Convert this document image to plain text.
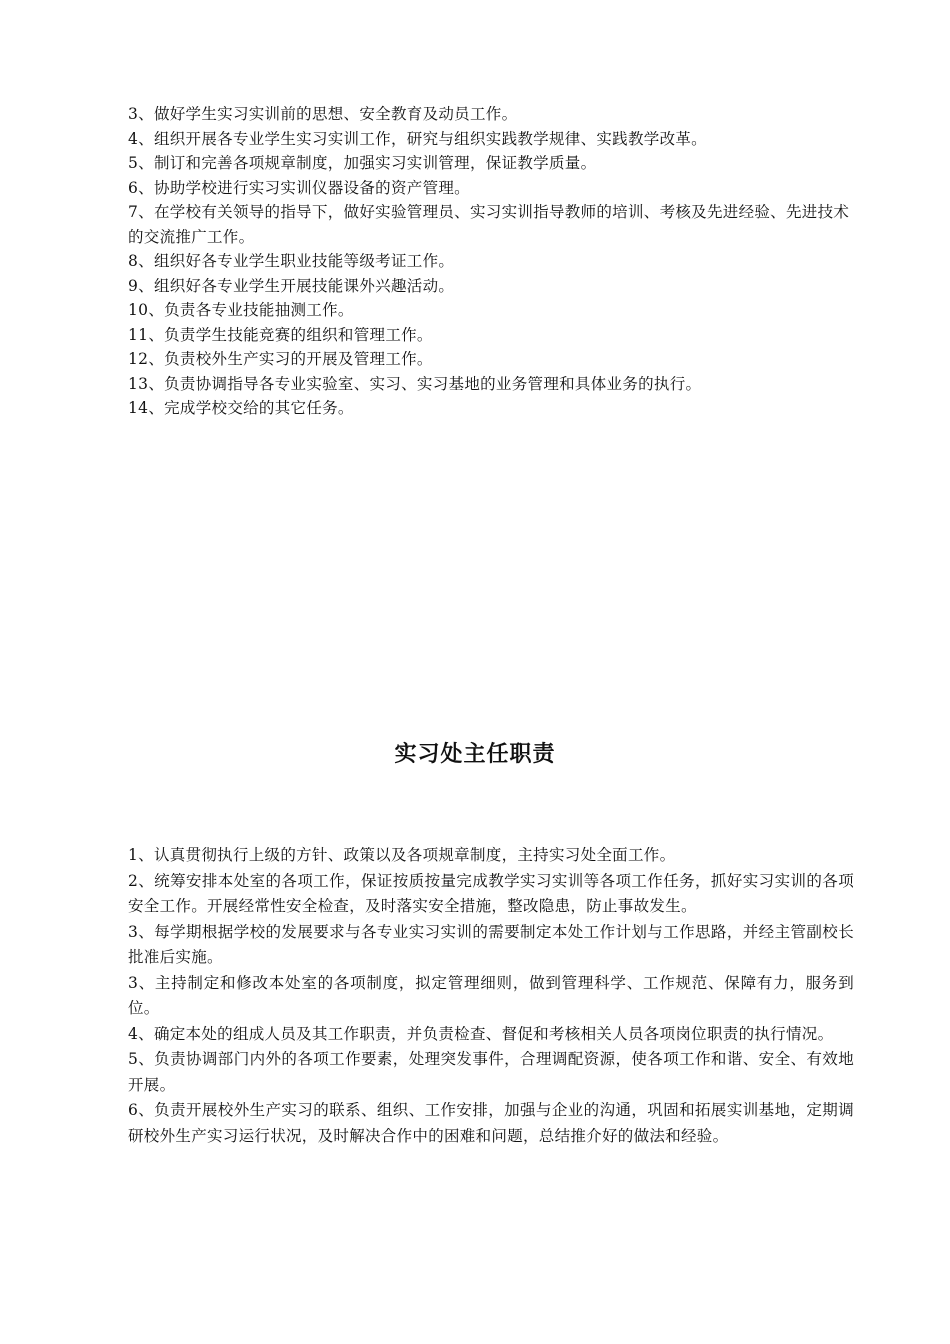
3、做好学生实习实训前的思想、安全教育及动员工作。

4、组织开展各专业学生实习实训工作，研究与组织实践教学规律、实践教学改革。

5、制订和完善各项规章制度，加强实习实训管理，保证教学质量。

6、协助学校进行实习实训仪器设备的资产管理。

7、在学校有关领导的指导下，做好实验管理员、实习实训指导教师的培训、考核及先进经验、先进技术的交流推广工作。

8、组织好各专业学生职业技能等级考证工作。

9、组织好各专业学生开展技能课外兴趣活动。

10、负责各专业技能抽测工作。

11、负责学生技能竞赛的组织和管理工作。

12、负责校外生产实习的开展及管理工作。

13、负责协调指导各专业实验室、实习、实习基地的业务管理和具体业务的执行。

14、完成学校交给的其它任务。

实习处主任职责

1、认真贯彻执行上级的方针、政策以及各项规章制度，主持实习处全面工作。

2、统筹安排本处室的各项工作，保证按质按量完成教学实习实训等各项工作任务，抓好实习实训的各项安全工作。开展经常性安全检查，及时落实安全措施，整改隐患，防止事故发生。

3、每学期根据学校的发展要求与各专业实习实训的需要制定本处工作计划与工作思路，并经主管副校长批准后实施。

3、主持制定和修改本处室的各项制度，拟定管理细则，做到管理科学、工作规范、保障有力，服务到位。

4、确定本处的组成人员及其工作职责，并负责检查、督促和考核相关人员各项岗位职责的执行情况。

5、负责协调部门内外的各项工作要素，处理突发事件，合理调配资源，使各项工作和谐、安全、有效地开展。

6、负责开展校外生产实习的联系、组织、工作安排，加强与企业的沟通，巩固和拓展实训基地，定期调研校外生产实习运行状况，及时解决合作中的困难和问题，总结推介好的做法和经验。
